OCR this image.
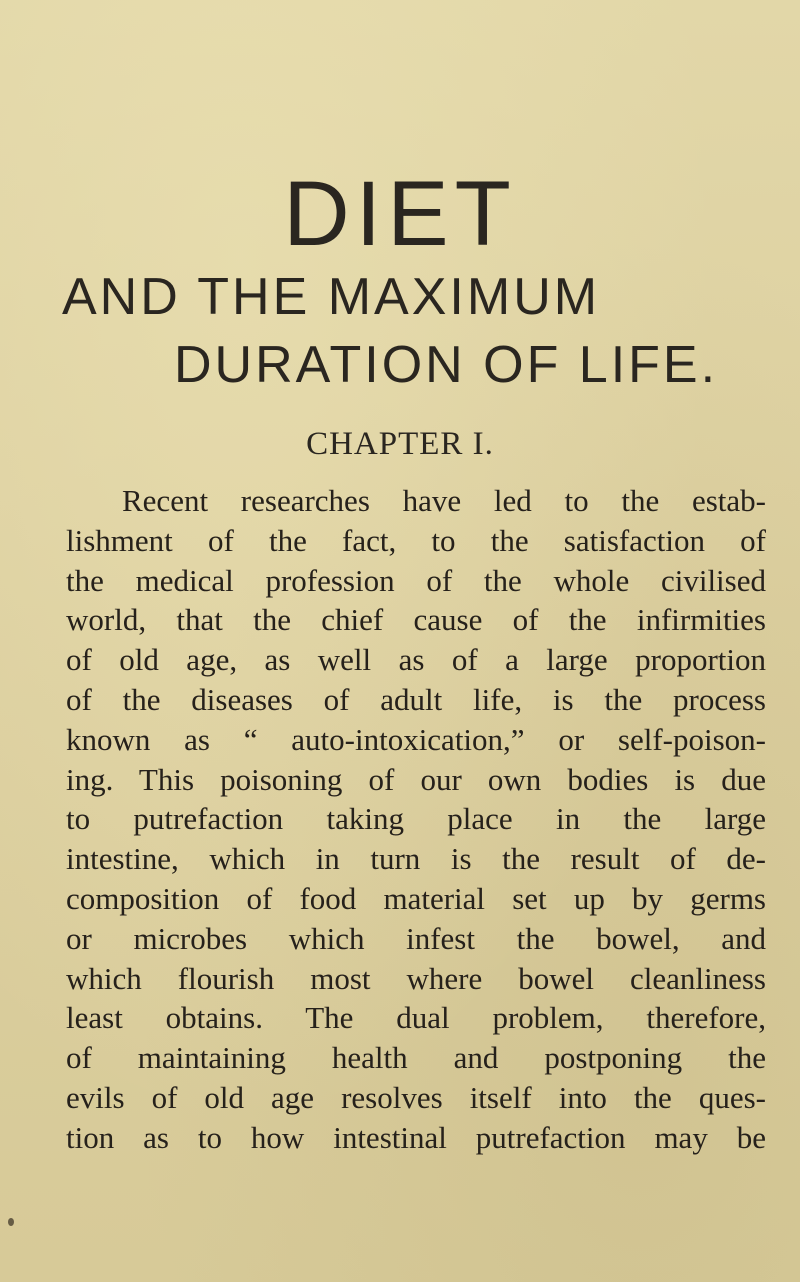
DIET
AND THE MAXIMUM
DURATION OF LIFE.
CHAPTER I.
Recent researches have led to the estab-
lishment of the fact, to the satisfaction of
the medical profession of the whole civilised
world, that the chief cause of the infirmities
of old age, as well as of a large proportion
of the diseases of adult life, is the process
known as “ auto-intoxication,” or self-poison-
ing. This poisoning of our own bodies is due
to putrefaction taking place in the large
intestine, which in turn is the result of de-
composition of food material set up by germs
or microbes which infest the bowel, and
which flourish most where bowel cleanliness
least obtains. The dual problem, therefore,
of maintaining health and postponing the
evils of old age resolves itself into the ques-
tion as to how intestinal putrefaction may be
